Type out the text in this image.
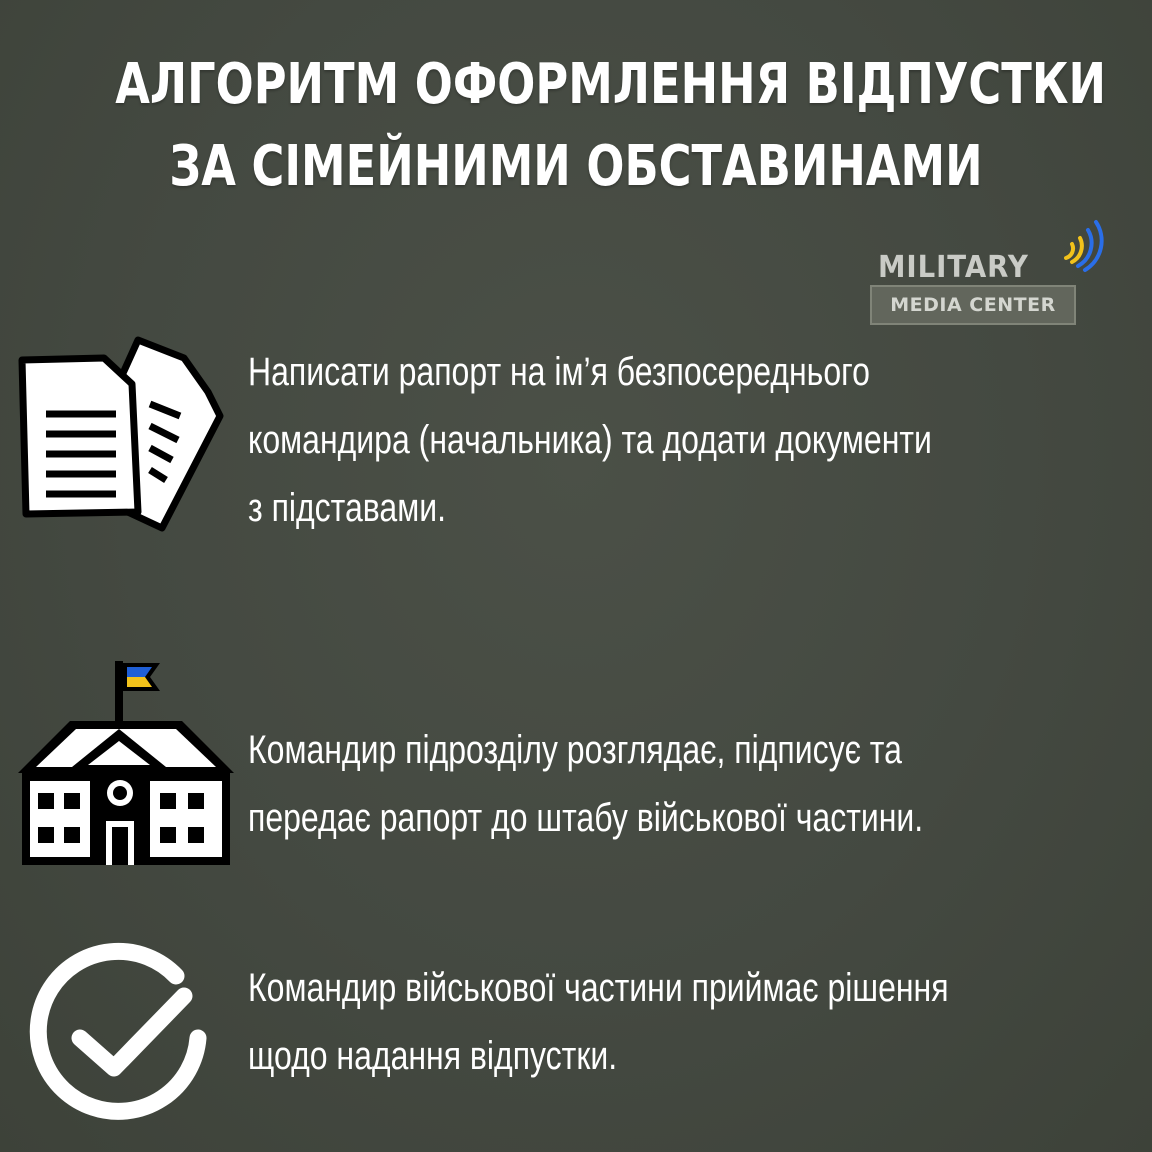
АЛГОРИТМ ОФОРМЛЕННЯ ВІДПУСТКИ
ЗА СІМЕЙНИМИ ОБСТАВИНАМИ
MILITARY
MEDIA CENTER
Написати рапорт на ім’я безпосереднього
командира (начальника) та додати документи
з підставами.
Командир підрозділу розглядає, підписує та
передає рапорт до штабу військової частини.
Командир військової частини приймає рішення
щодо надання відпустки.
